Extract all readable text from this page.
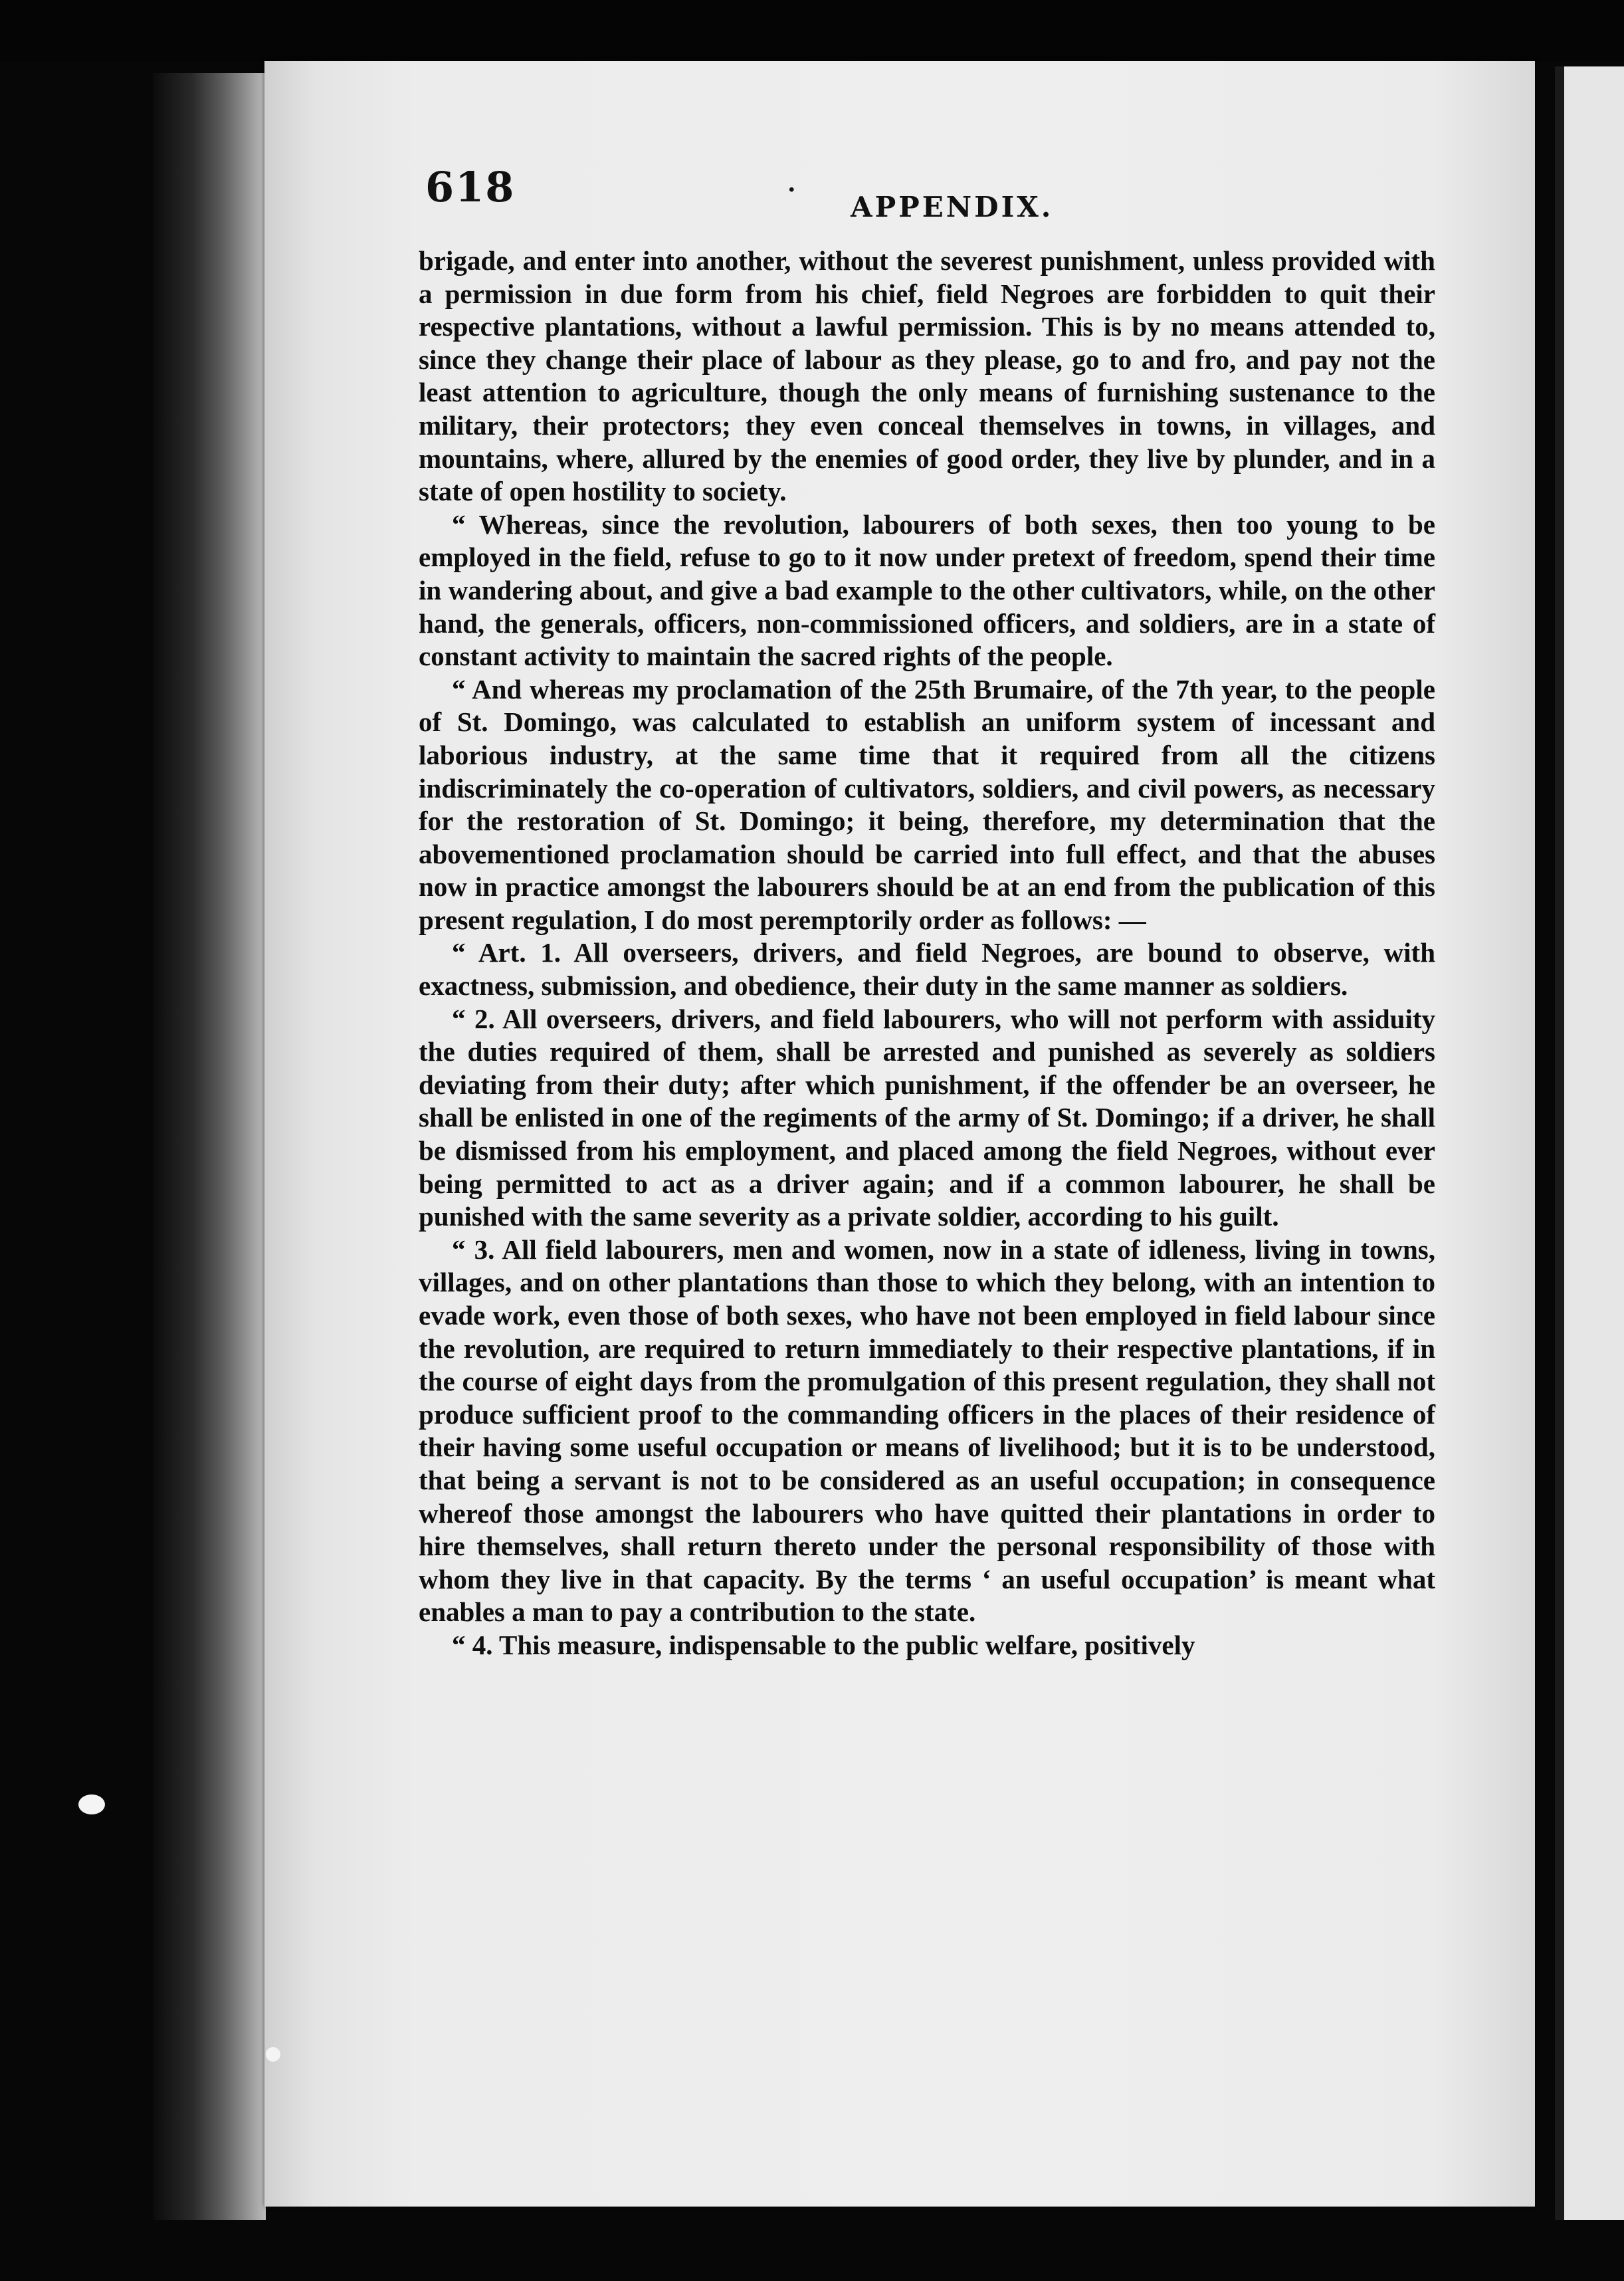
618	·
APPENDIX.

brigade, and enter into another, without the severest punishment, unless provided with a permission in due form from his chief, field Negroes are forbidden to quit their respective plantations, without a lawful permission. This is by no means attended to, since they change their place of labour as they please, go to and fro, and pay not the least attention to agriculture, though the only means of furnishing sustenance to the military, their protectors; they even conceal themselves in towns, in villages, and mountains, where, allured by the enemies of good order, they live by plunder, and in a state of open hostility to society.

“ Whereas, since the revolution, labourers of both sexes, then too young to be employed in the field, refuse to go to it now under pretext of freedom, spend their time in wandering about, and give a bad example to the other cultivators, while, on the other hand, the generals, officers, non-commissioned officers, and soldiers, are in a state of constant activity to maintain the sacred rights of the people.

“ And whereas my proclamation of the 25th Brumaire, of the 7th year, to the people of St. Domingo, was calculated to establish an uniform system of incessant and laborious industry, at the same time that it required from all the citizens indiscriminately the co-operation of cultivators, soldiers, and civil powers, as necessary for the restoration of St. Domingo; it being, therefore, my determination that the abovementioned proclamation should be carried into full effect, and that the abuses now in practice amongst the labourers should be at an end from the publication of this present regulation, I do most peremptorily order as follows: —

“ Art. 1. All overseers, drivers, and field Negroes, are bound to observe, with exactness, submission, and obedience, their duty in the same manner as soldiers.

“ 2. All overseers, drivers, and field labourers, who will not perform with assiduity the duties required of them, shall be arrested and punished as severely as soldiers deviating from their duty; after which punishment, if the offender be an overseer, he shall be enlisted in one of the regiments of the army of St. Domingo; if a driver, he shall be dismissed from his employment, and placed among the field Negroes, without ever being permitted to act as a driver again; and if a common labourer, he shall be punished with the same severity as a private soldier, according to his guilt.

“ 3. All field labourers, men and women, now in a state of idleness, living in towns, villages, and on other plantations than those to which they belong, with an intention to evade work, even those of both sexes, who have not been employed in field labour since the revolution, are required to return immediately to their respective plantations, if in the course of eight days from the promulgation of this present regulation, they shall not produce sufficient proof to the commanding officers in the places of their residence of their having some useful occupation or means of livelihood; but it is to be understood, that being a servant is not to be considered as an useful occupation; in consequence whereof those amongst the labourers who have quitted their plantations in order to hire themselves, shall return thereto under the personal responsibility of those with whom they live in that capacity. By the terms ‘ an useful occupation’ is meant what enables a man to pay a contribution to the state.

“ 4. This measure, indispensable to the public welfare, positively
